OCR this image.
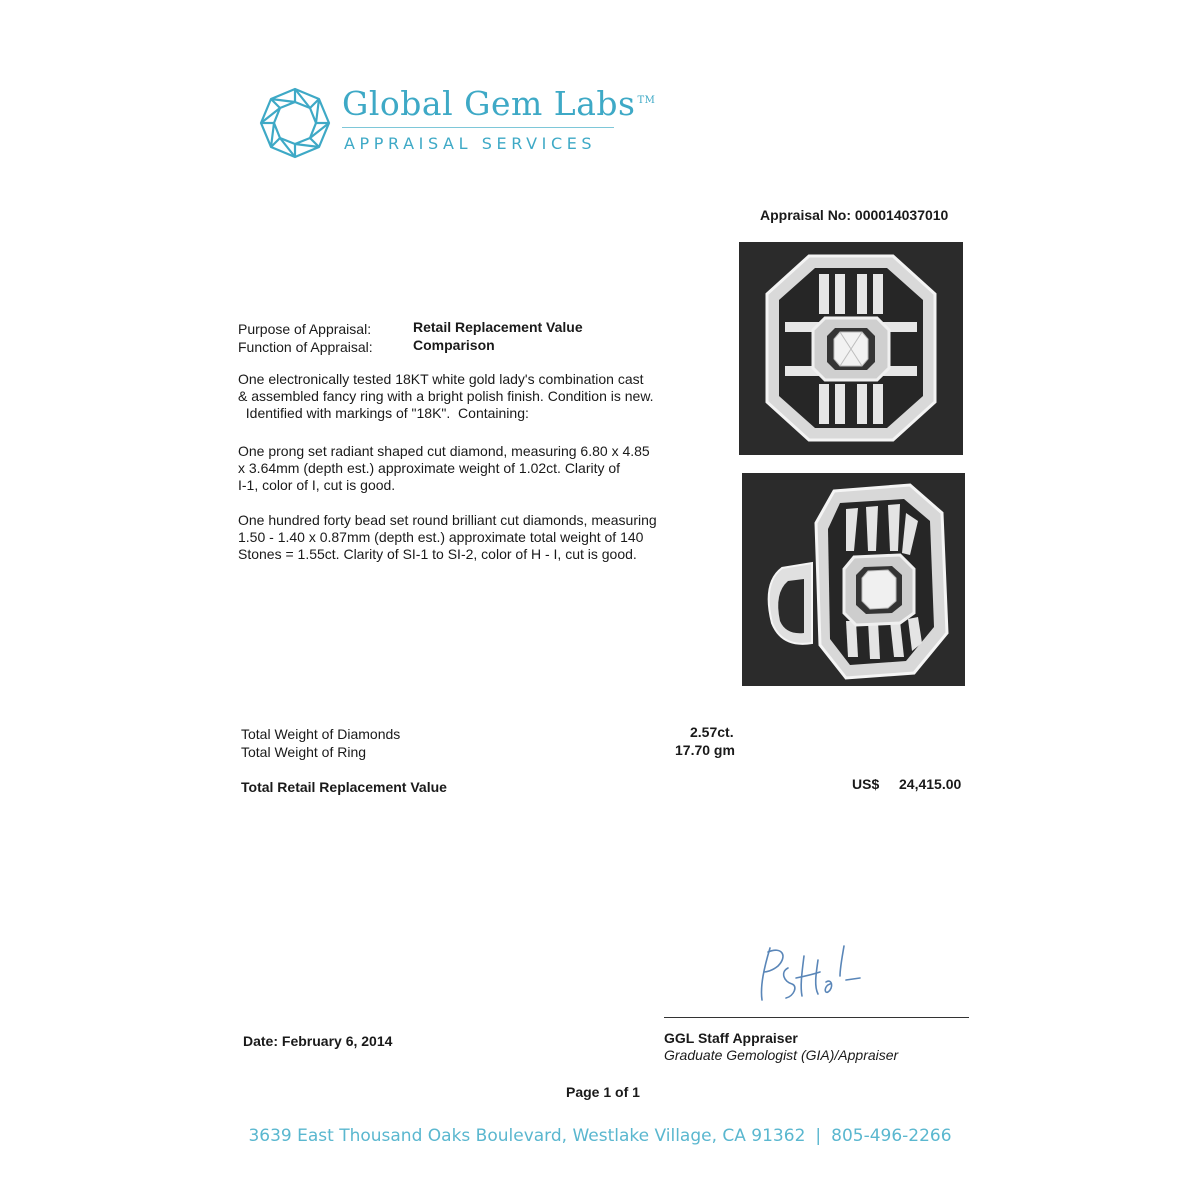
Global Gem Labs ™
APPRAISAL SERVICES
Appraisal No: 000014037010
Purpose of Appraisal:	Retail Replacement Value
Function of Appraisal:	Comparison
One electronically tested 18KT white gold lady's combination cast
& assembled fancy ring with a bright polish finish. Condition is new.
Identified with markings of "18K".  Containing:
One prong set radiant shaped cut diamond, measuring 6.80 x 4.85
x 3.64mm (depth est.) approximate weight of 1.02ct. Clarity of
I-1, color of I, cut is good.
One hundred forty bead set round brilliant cut diamonds, measuring
1.50 - 1.40 x 0.87mm (depth est.) approximate total weight of 140
Stones = 1.55ct. Clarity of SI-1 to SI-2, color of H - I, cut is good.
Total Weight of Diamonds	2.57ct.
Total Weight of Ring	17.70 gm
Total Retail Replacement Value	US$ 24,415.00
Date: February 6, 2014	GGL Staff Appraiser
Graduate Gemologist (GIA)/Appraiser
Page 1 of 1
3639 East Thousand Oaks Boulevard, Westlake Village, CA 91362 | 805-496-2266
